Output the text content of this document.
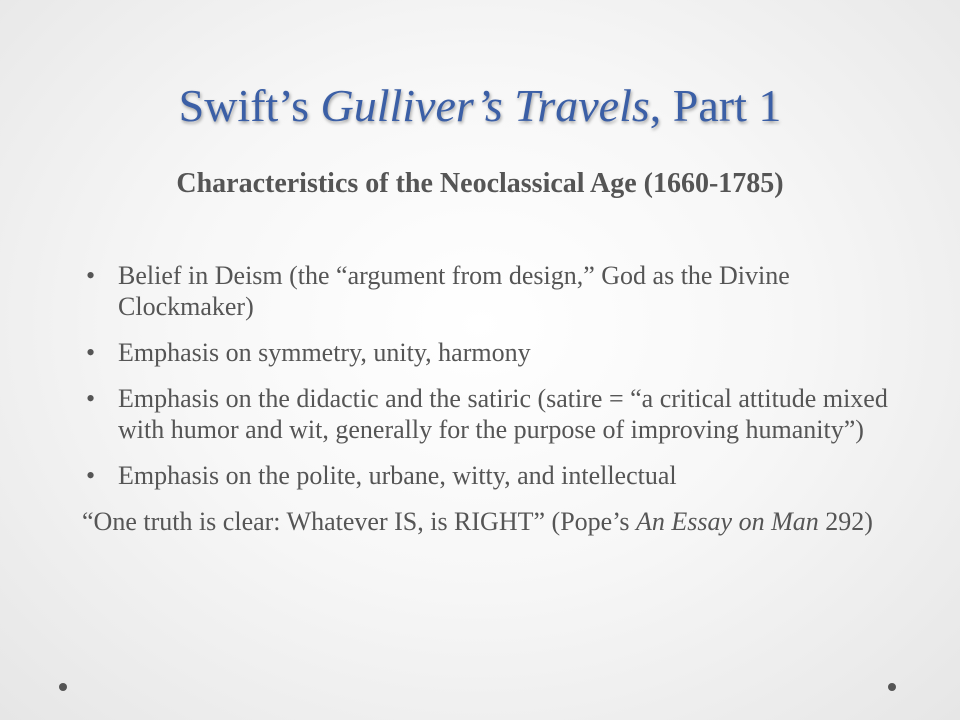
Swift’s Gulliver’s Travels, Part 1
Characteristics of the Neoclassical Age (1660-1785)
• Belief in Deism (the “argument from design,” God as the Divine Clockmaker)
• Emphasis on symmetry, unity, harmony
• Emphasis on the didactic and the satiric (satire = “a critical attitude mixed with humor and wit, generally for the purpose of improving humanity”)
• Emphasis on the polite, urbane, witty, and intellectual
“One truth is clear: Whatever IS, is RIGHT” (Pope’s An Essay on Man 292)
